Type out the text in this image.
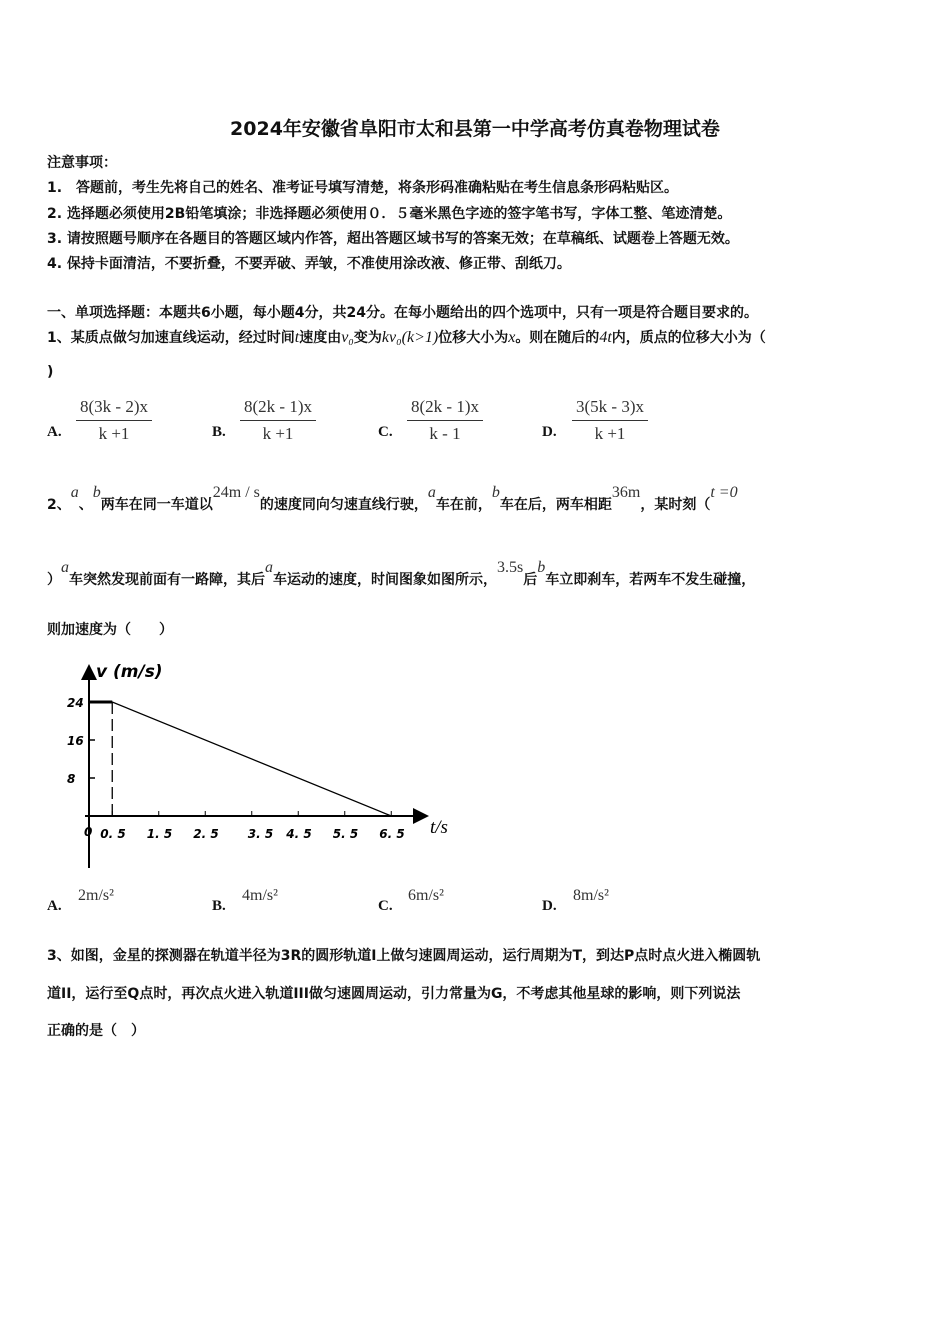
2024年安徽省阜阳市太和县第一中学高考仿真卷物理试卷
注意事项：
1.　答题前，考生先将自己的姓名、准考证号填写清楚，将条形码准确粘贴在考生信息条形码粘贴区。
2. 选择题必须使用2B铅笔填涂；非选择题必须使用０．５毫米黑色字迹的签字笔书写，字体工整、笔迹清楚。
3. 请按照题号顺序在各题目的答题区域内作答，超出答题区域书写的答案无效；在草稿纸、试题卷上答题无效。
4. 保持卡面清洁，不要折叠，不要弄破、弄皱，不准使用涂改液、修正带、刮纸刀。
一、单项选择题：本题共6小题，每小题4分，共24分。在每小题给出的四个选项中，只有一项是符合题目要求的。
1、某质点做匀加速直线运动，经过时间t速度由v₀变为kv₀(k>1)位移大小为x。则在随后的4t内，质点的位移大小为（
)
A. $\frac{8(3k - 2)x}{k +1}$	B. $\frac{8(2k - 1)x}{k +1}$	C. $\frac{8(2k - 1)x}{k - 1}$	D. $\frac{3(5k - 3)x}{k +1}$
2、a、b两车在同一车道以24m / s的速度同向匀速直线行驶，a车在前，b车在后，两车相距36m，某时刻（t =0
）a车突然发现前面有一路障，其后a车运动的速度，时间图象如图所示，3.5s后b车立即刹车，若两车不发生碰撞，
则加速度为（　　）
24
16
8
0. 5 1. 5 2. 5 3. 5 4. 5 5. 5 6. 5
v (m/s)
t/s
0
A.
2m/s²
B.
4m/s²
C.
6m/s²
D.
8m/s²
3、如图，金星的探测器在轨道半径为3R的圆形轨道I上做匀速圆周运动，运行周期为T，到达P点时点火进入椭圆轨
道II，运行至Q点时，再次点火进入轨道III做匀速圆周运动，引力常量为G，不考虑其他星球的影响，则下列说法
正确的是（　）
